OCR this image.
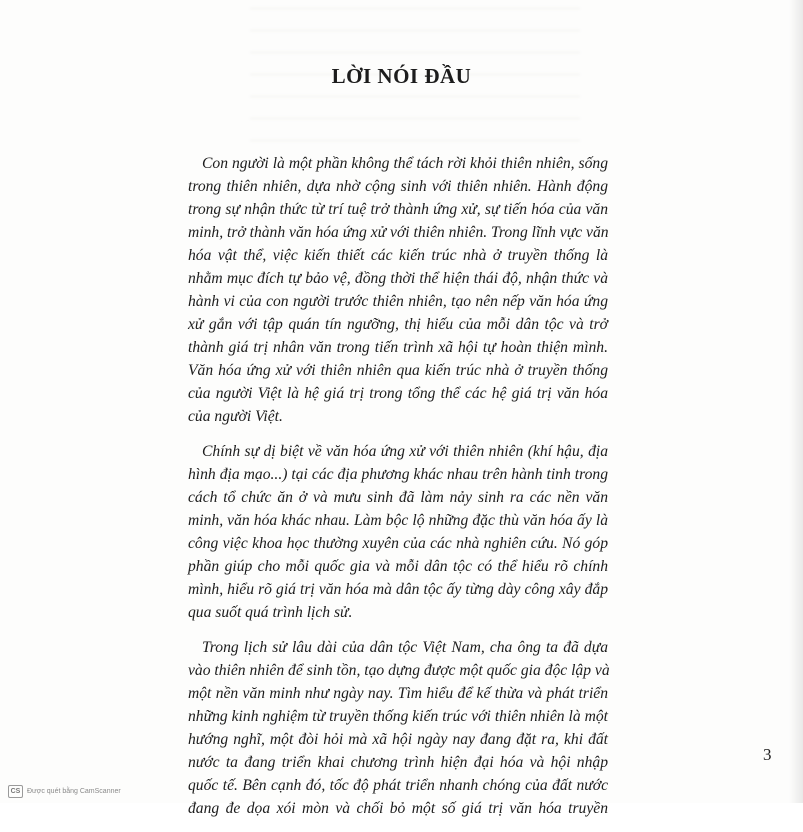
LỜI NÓI ĐẦU

Con người là một phần không thể tách rời khỏi thiên nhiên, sống
trong thiên nhiên, dựa nhờ cộng sinh với thiên nhiên. Hành động
trong sự nhận thức từ trí tuệ trở thành ứng xử, sự tiến hóa của văn
minh, trở thành văn hóa ứng xử với thiên nhiên. Trong lĩnh vực văn
hóa vật thể, việc kiến thiết các kiến trúc nhà ở truyền thống là
nhằm mục đích tự bảo vệ, đồng thời thể hiện thái độ, nhận thức và
hành vi của con người trước thiên nhiên, tạo nên nếp văn hóa ứng
xử gắn với tập quán tín ngưỡng, thị hiếu của mỗi dân tộc và trở
thành giá trị nhân văn trong tiến trình xã hội tự hoàn thiện mình.
Văn hóa ứng xử với thiên nhiên qua kiến trúc nhà ở truyền thống
của người Việt là hệ giá trị trong tổng thể các hệ giá trị văn hóa
của người Việt.

Chính sự dị biệt về văn hóa ứng xử với thiên nhiên (khí hậu, địa
hình địa mạo...) tại các địa phương khác nhau trên hành tinh trong
cách tổ chức ăn ở và mưu sinh đã làm nảy sinh ra các nền văn
minh, văn hóa khác nhau. Làm bộc lộ những đặc thù văn hóa ấy là
công việc khoa học thường xuyên của các nhà nghiên cứu. Nó góp
phần giúp cho mỗi quốc gia và mỗi dân tộc có thể hiểu rõ chính
mình, hiểu rõ giá trị văn hóa mà dân tộc ấy từng dày công xây đắp
qua suốt quá trình lịch sử.

Trong lịch sử lâu dài của dân tộc Việt Nam, cha ông ta đã dựa
vào thiên nhiên để sinh tồn, tạo dựng được một quốc gia độc lập và
một nền văn minh như ngày nay. Tìm hiểu để kế thừa và phát triển
những kinh nghiệm từ truyền thống kiến trúc với thiên nhiên là một
hướng nghĩ, một đòi hỏi mà xã hội ngày nay đang đặt ra, khi đất
nước ta đang triển khai chương trình hiện đại hóa và hội nhập
quốc tế. Bên cạnh đó, tốc độ phát triển nhanh chóng của đất nước
đang đe dọa xói mòn và chối bỏ một số giá trị văn hóa truyền

3
CS Được quét bằng CamScanner
